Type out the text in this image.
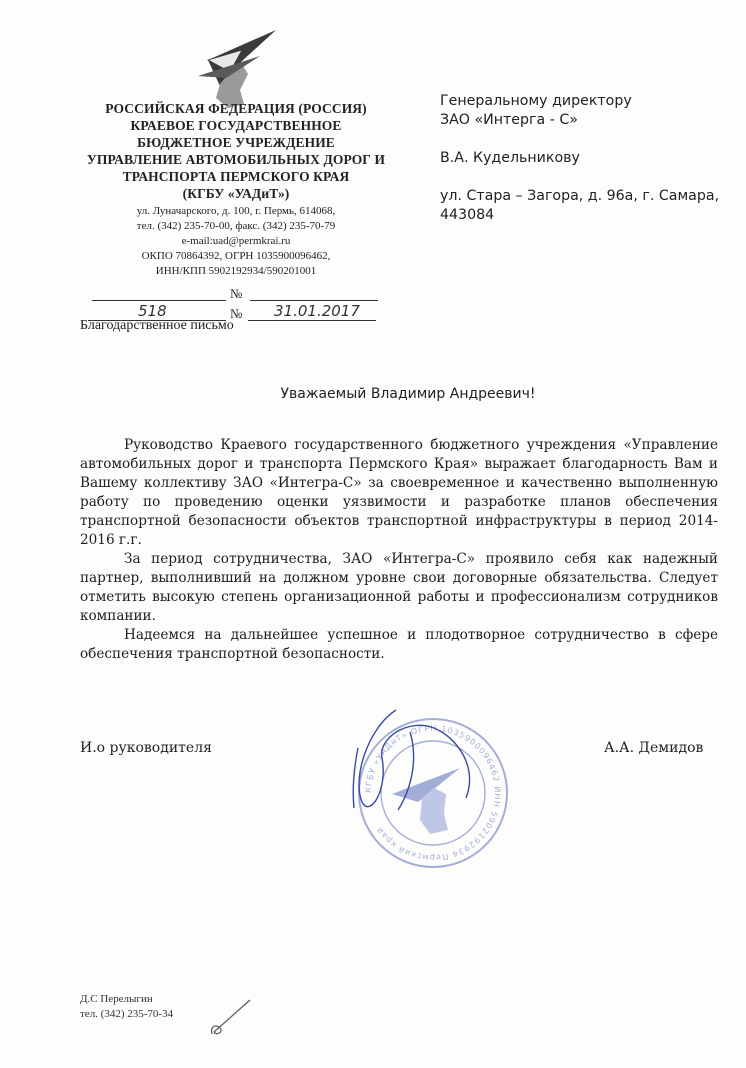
РОССИЙСКАЯ ФЕДЕРАЦИЯ (РОССИЯ)
КРАЕВОЕ ГОСУДАРСТВЕННОЕ
БЮДЖЕТНОЕ УЧРЕЖДЕНИЕ
УПРАВЛЕНИЕ АВТОМОБИЛЬНЫХ ДОРОГ И
ТРАНСПОРТА ПЕРМСКОГО КРАЯ
(КГБУ «УАДиТ»)
ул. Луначарского, д. 100, г. Пермь, 614068,
тел. (342) 235-70-00, факс. (342) 235-70-79
e-mail:uad@permkrai.ru
ОКПО 70864392, ОГРН 1035900096462,
ИНН/КПП 5902192934/590201001
№
518	№ 31.01.2017
Благодарственное письмо

Генеральному директору

ЗАО «Интерга - С»

В.А. Кудельникову

ул. Стара – Загора, д. 96а, г. Самара,

443084

Уважаемый Владимир Андреевич!

Руководство Краевого государственного бюджетного учреждения «Управление автомобильных дорог и транспорта Пермского Края» выражает благодарность Вам и Вашему коллективу ЗАО «Интегра-С» за своевременное и качественно выполненную работу по проведению оценки уязвимости и разработке планов обеспечения транспортной безопасности объектов транспортной инфраструктуры в период 2014-2016 г.г.

За период сотрудничества, ЗАО «Интегра-С» проявило себя как надежный партнер, выполнивший на должном уровне свои договорные обязательства. Следует отметить высокую степень организационной работы и профессионализм сотрудников компании.

Надеемся на дальнейшее успешное и плодотворное сотрудничество в сфере обеспечения транспортной безопасности.

КГБУ «УАДиТ» ОГРН 1035900096462 ИНН 5902192934 Пермский край
И.о руководителя	А.А. Демидов
Д.С Перелыгин
тел. (342) 235-70-34
